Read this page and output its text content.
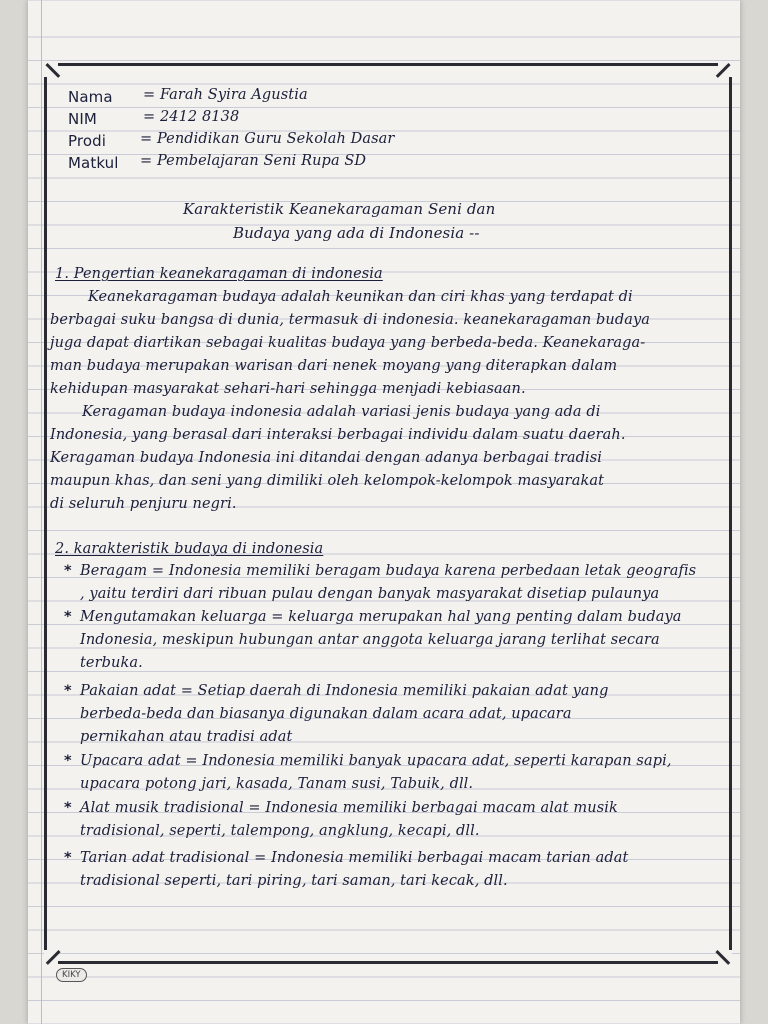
Nama = Farah Syira Agustia
NIM	= 2412 8138
Prodi = Pendidikan Guru Sekolah Dasar
Matkul = Pembelajaran Seni Rupa SD
Karakteristik Keanekaragaman Seni dan
Budaya yang ada di Indonesia --
1. Pengertian keanekaragaman di indonesia
Keanekaragaman budaya adalah keunikan dan ciri khas yang terdapat di
berbagai suku bangsa di dunia, termasuk di indonesia. keanekaragaman budaya
juga dapat diartikan sebagai kualitas budaya yang berbeda-beda. Keanekaraga-
man budaya merupakan warisan dari nenek moyang yang diterapkan dalam
kehidupan masyarakat sehari-hari sehingga menjadi kebiasaan.
Keragaman budaya indonesia adalah variasi jenis budaya yang ada di
Indonesia, yang berasal dari interaksi berbagai individu dalam suatu daerah.
Keragaman budaya Indonesia ini ditandai dengan adanya berbagai tradisi
maupun khas, dan seni yang dimiliki oleh kelompok-kelompok masyarakat
di seluruh penjuru negri.
2. karakteristik budaya di indonesia
* Beragam = Indonesia memiliki beragam budaya karena perbedaan letak geografis
, yaitu terdiri dari ribuan pulau dengan banyak masyarakat disetiap pulaunya
* Mengutamakan keluarga = keluarga merupakan hal yang penting dalam budaya
Indonesia, meskipun hubungan antar anggota keluarga jarang terlihat secara
terbuka.
* Pakaian adat = Setiap daerah di Indonesia memiliki pakaian adat yang
berbeda-beda dan biasanya digunakan dalam acara adat, upacara
pernikahan atau tradisi adat
* Upacara adat = Indonesia memiliki banyak upacara adat, seperti karapan sapi,
upacara potong jari, kasada, Tanam susi, Tabuik, dll.
* Alat musik tradisional = Indonesia memiliki berbagai macam alat musik
tradisional, seperti, talempong, angklung, kecapi, dll.
* Tarian adat tradisional = Indonesia memiliki berbagai macam tarian adat
tradisional seperti, tari piring, tari saman, tari kecak, dll.
KIKY
